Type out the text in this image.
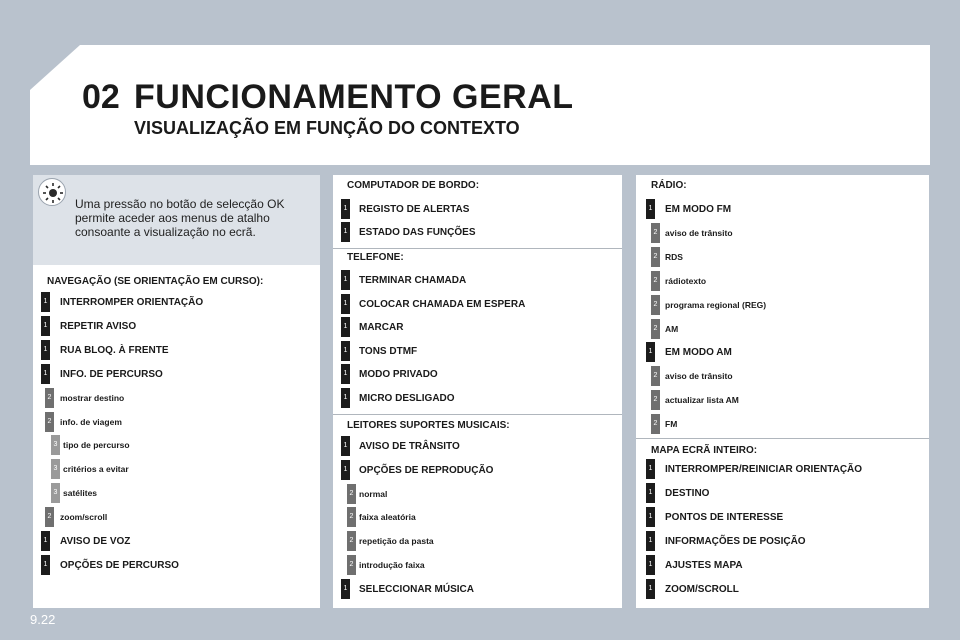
02 FUNCIONAMENTO GERAL
VISUALIZAÇÃO EM FUNÇÃO DO CONTEXTO
Uma pressão no botão de selecção OK permite aceder aos menus de atalho consoante a visualização no ecrã.
NAVEGAÇÃO (SE ORIENTAÇÃO EM CURSO):
1 INTERROMPER ORIENTAÇÃO
1 REPETIR AVISO
1 RUA BLOQ. À FRENTE
1 INFO. DE PERCURSO
2 mostrar destino
2 info. de viagem
3 tipo de percurso
3 critérios a evitar
3 satélites
2 zoom/scroll
1 AVISO DE VOZ
1 OPÇÕES DE PERCURSO
COMPUTADOR DE BORDO:
1 REGISTO DE ALERTAS
1 ESTADO DAS FUNÇÕES
TELEFONE:
1 TERMINAR CHAMADA
1 COLOCAR CHAMADA EM ESPERA
1 MARCAR
1 TONS DTMF
1 MODO PRIVADO
1 MICRO DESLIGADO
LEITORES SUPORTES MUSICAIS:
1 AVISO DE TRÂNSITO
1 OPÇÕES DE REPRODUÇÃO
2 normal
2 faixa aleatória
2 repetição da pasta
2 introdução faixa
1 SELECCIONAR MÚSICA
RÁDIO:
1 EM MODO FM
2 aviso de trânsito
2 RDS
2 rádiotexto
2 programa regional (REG)
2 AM
1 EM MODO AM
2 aviso de trânsito
2 actualizar lista AM
2 FM
MAPA ECRÃ INTEIRO:
1 INTERROMPER/REINICIAR ORIENTAÇÃO
1 DESTINO
1 PONTOS DE INTERESSE
1 INFORMAÇÕES DE POSIÇÃO
1 AJUSTES MAPA
1 ZOOM/SCROLL
9.22
